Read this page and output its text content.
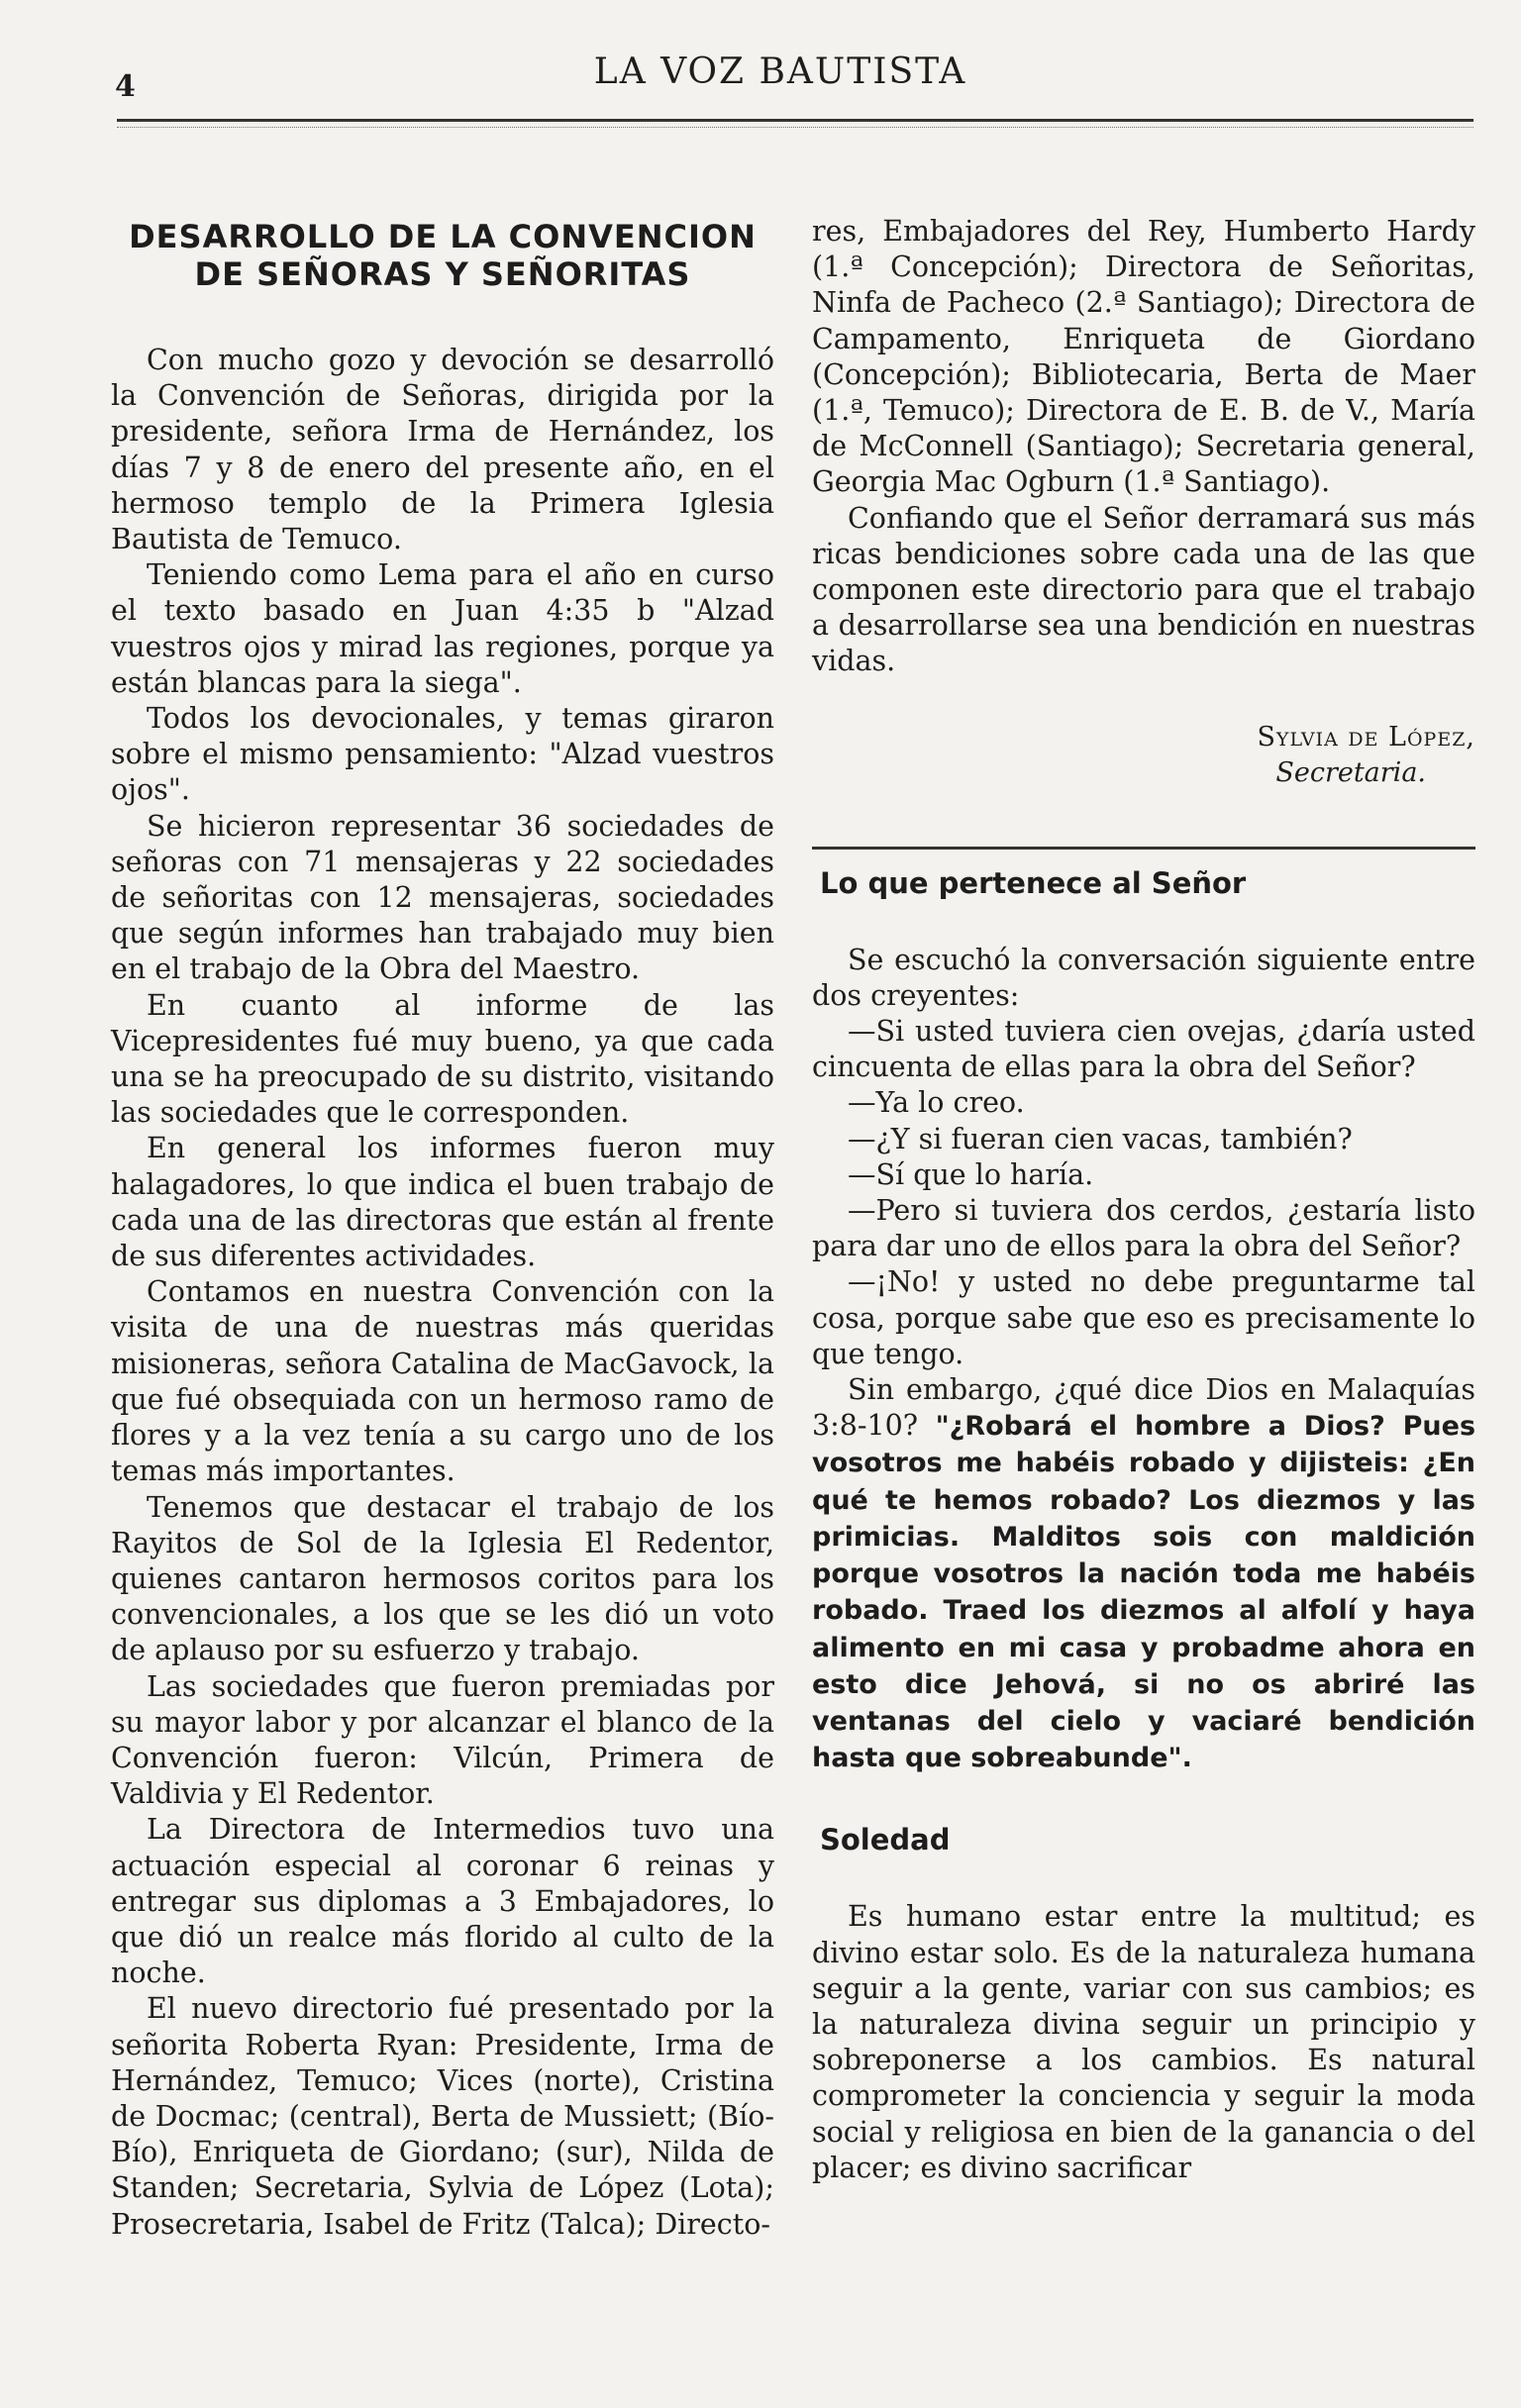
4	LA VOZ BAUTISTA
DESARROLLO DE LA CONVENCION
DE SEÑORAS Y SEÑORITAS

Con mucho gozo y devoción se desarrolló la Convención de Señoras, dirigida por la presidente, señora Irma de Hernández, los días 7 y 8 de enero del presente año, en el hermoso templo de la Primera Iglesia Bautista de Temuco.

Teniendo como Lema para el año en curso el texto basado en Juan 4:35 b "Alzad vuestros ojos y mirad las regiones, porque ya están blancas para la siega".

Todos los devocionales, y temas giraron sobre el mismo pensamiento: "Alzad vuestros ojos".

Se hicieron representar 36 sociedades de señoras con 71 mensajeras y 22 sociedades de señoritas con 12 mensajeras, sociedades que según informes han trabajado muy bien en el trabajo de la Obra del Maestro.

En cuanto al informe de las Vicepresidentes fué muy bueno, ya que cada una se ha preocupado de su distrito, visitando las sociedades que le corresponden.

En general los informes fueron muy halagadores, lo que indica el buen trabajo de cada una de las directoras que están al frente de sus diferentes actividades.

Contamos en nuestra Convención con la visita de una de nuestras más queridas misioneras, señora Catalina de MacGavock, la que fué obsequiada con un hermoso ramo de flores y a la vez tenía a su cargo uno de los temas más importantes.

Tenemos que destacar el trabajo de los Rayitos de Sol de la Iglesia El Redentor, quienes cantaron hermosos coritos para los convencionales, a los que se les dió un voto de aplauso por su esfuerzo y trabajo.

Las sociedades que fueron premiadas por su mayor labor y por alcanzar el blanco de la Convención fueron: Vilcún, Primera de Valdivia y El Redentor.

La Directora de Intermedios tuvo una actuación especial al coronar 6 reinas y entregar sus diplomas a 3 Embajadores, lo que dió un realce más florido al culto de la noche.

El nuevo directorio fué presentado por la señorita Roberta Ryan: Presidente, Irma de Hernández, Temuco; Vices (norte), Cristina de Docmac; (central), Berta de Mussiett; (Bío-Bío), Enriqueta de Giordano; (sur), Nilda de Standen; Secretaria, Sylvia de López (Lota); Prosecretaria, Isabel de Fritz (Talca); Directo-

res, Embajadores del Rey, Humberto Hardy (1.ª Concepción); Directora de Señoritas, Ninfa de Pacheco (2.ª Santiago); Directora de Campamento, Enriqueta de Giordano (Concepción); Bibliotecaria, Berta de Maer (1.ª, Temuco); Directora de E. B. de V., María de McConnell (Santiago); Secretaria general, Georgia Mac Ogburn (1.ª Santiago).

Confiando que el Señor derramará sus más ricas bendiciones sobre cada una de las que componen este directorio para que el trabajo a desarrollarse sea una bendición en nuestras vidas.

Sylvia de López,
Secretaria.
Lo que pertenece al Señor

Se escuchó la conversación siguiente entre dos creyentes:

—Si usted tuviera cien ovejas, ¿daría usted cincuenta de ellas para la obra del Señor?

—Ya lo creo.

—¿Y si fueran cien vacas, también?

—Sí que lo haría.

—Pero si tuviera dos cerdos, ¿estaría listo para dar uno de ellos para la obra del Señor?

—¡No! y usted no debe preguntarme tal cosa, porque sabe que eso es precisamente lo que tengo.

Sin embargo, ¿qué dice Dios en Malaquías 3:8-10? "¿Robará el hombre a Dios? Pues vosotros me habéis robado y dijisteis: ¿En qué te hemos robado? Los diezmos y las primicias. Malditos sois con maldición porque vosotros la nación toda me habéis robado. Traed los diezmos al alfolí y haya alimento en mi casa y probadme ahora en esto dice Jehová, si no os abriré las ventanas del cielo y vaciaré bendición hasta que sobreabunde".

Soledad

Es humano estar entre la multitud; es divino estar solo. Es de la naturaleza humana seguir a la gente, variar con sus cambios; es la naturaleza divina seguir un principio y sobreponerse a los cambios. Es natural comprometer la conciencia y seguir la moda social y religiosa en bien de la ganancia o del placer; es divino sacrificar
